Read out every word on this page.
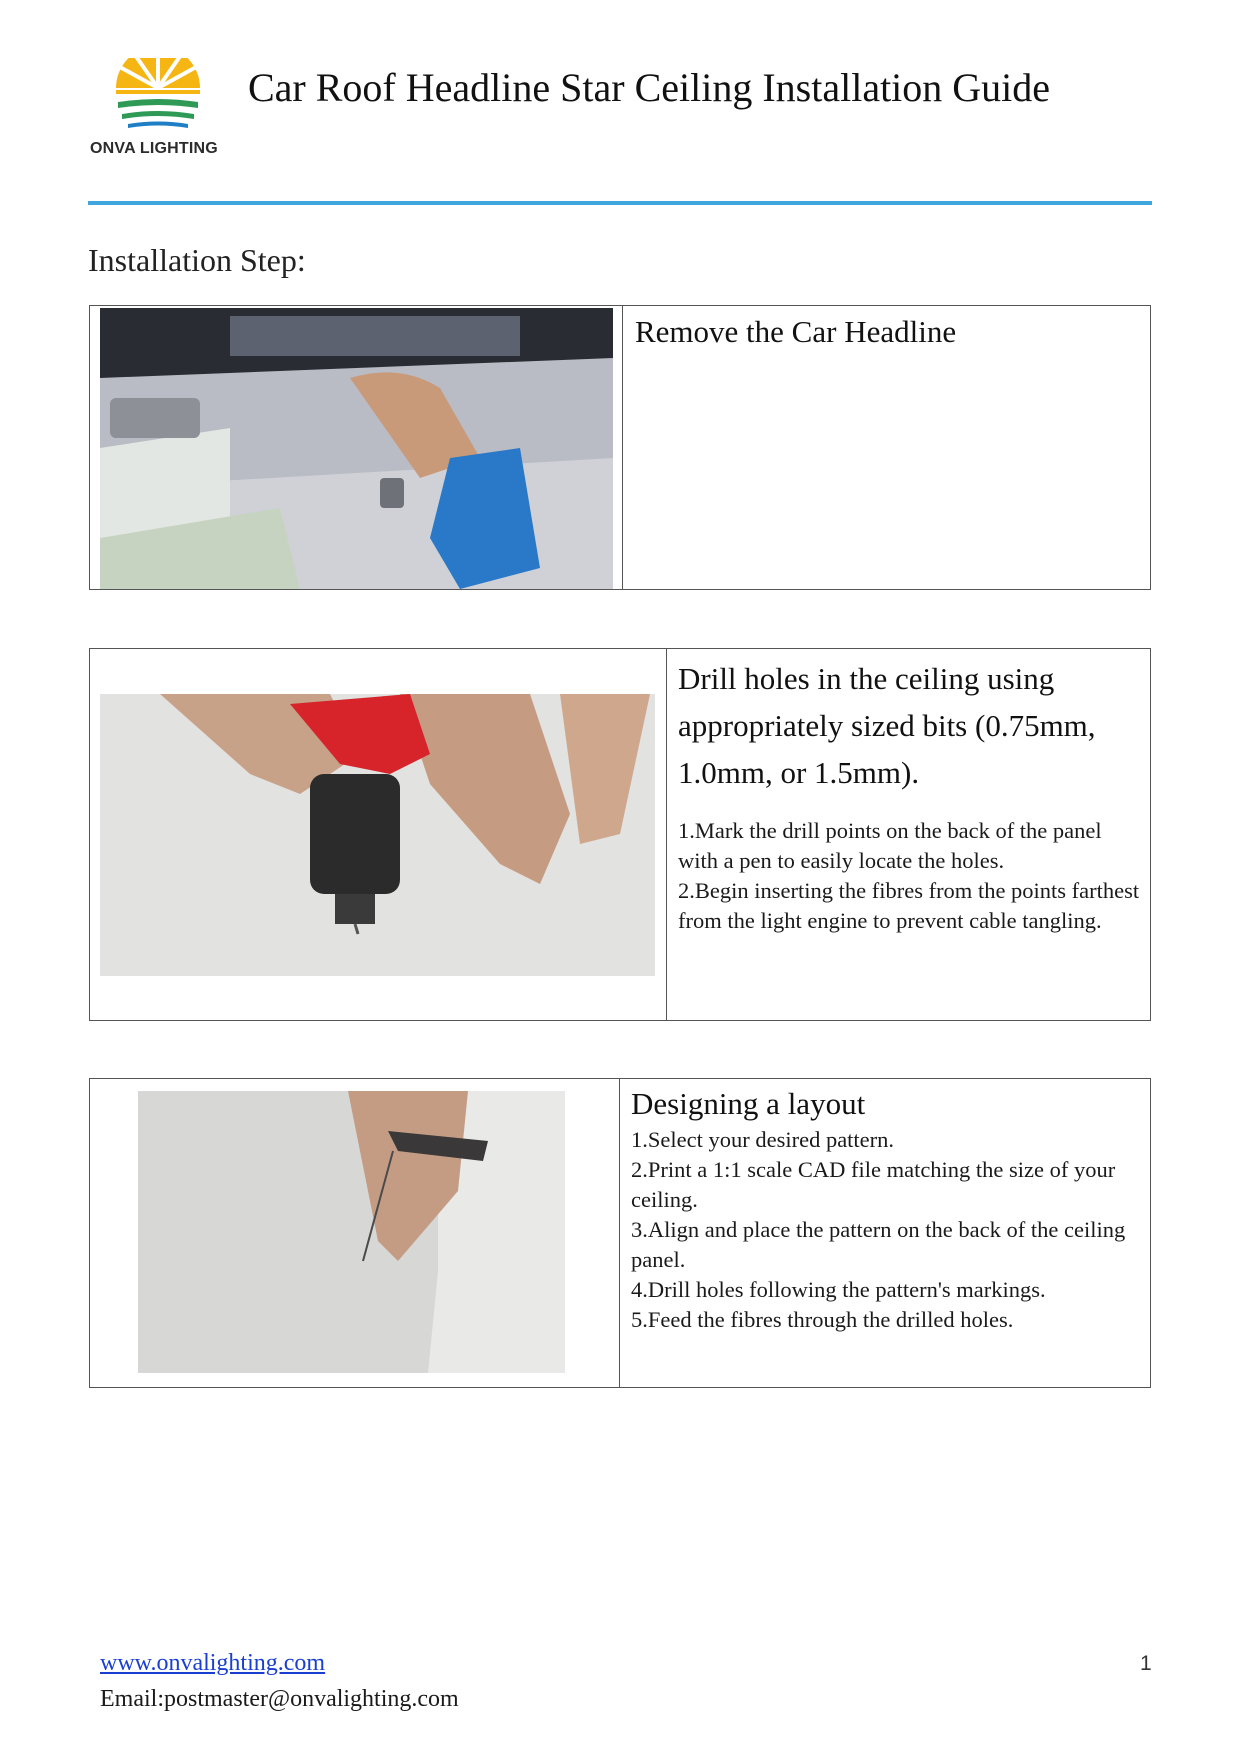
ONVA LIGHTING
Car Roof Headline Star Ceiling Installation Guide
Installation Step:
Remove the Car Headline
Drill holes in the ceiling using appropriately sized bits (0.75mm, 1.0mm, or 1.5mm).
1.Mark the drill points on the back of the panel with a pen to easily locate the holes.
2.Begin inserting the fibres from the points farthest from the light engine to prevent cable tangling.
Designing a layout
1.Select your desired pattern.
2.Print a 1:1 scale CAD file matching the size of your ceiling.
3.Align and place the pattern on the back of the ceiling panel.
4.Drill holes following the pattern's markings.
5.Feed the fibres through the drilled holes.
www.onvalighting.com
Email:postmaster@onvalighting.com
1
